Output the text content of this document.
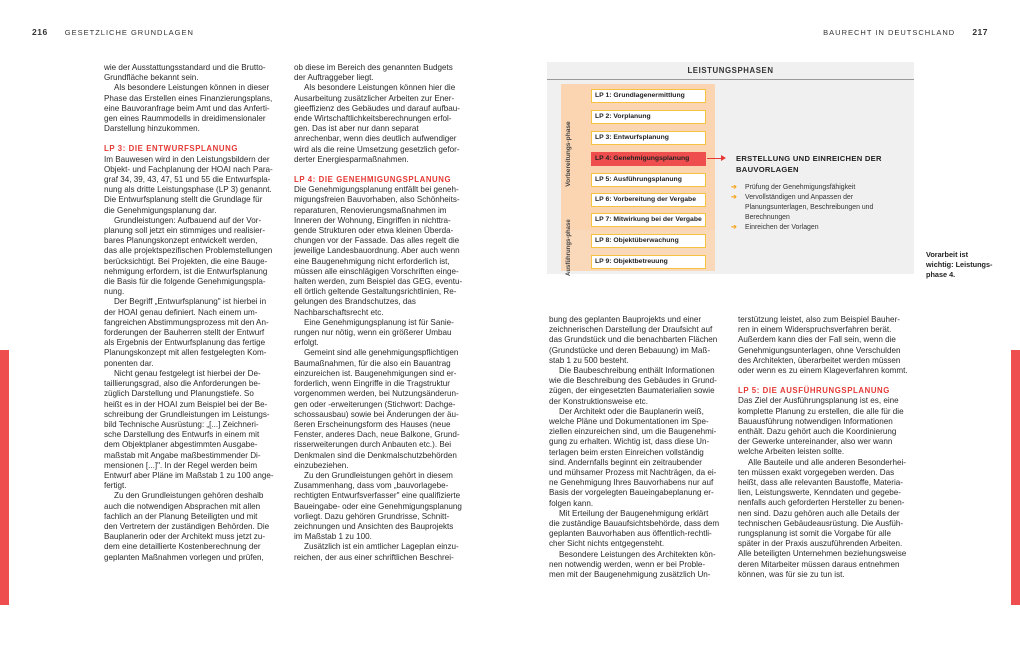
216 GESETZLICHE GRUNDLAGEN	BAURECHT IN DEUTSCHLAND 217

wie der Ausstattungsstandard und die Brutto-

Grundfläche bekannt sein.

Als besondere Leistungen können in dieser

Phase das Erstellen eines Finanzierungsplans,

eine Bauvoranfrage beim Amt und das Anferti-

gen eines Raummodells in dreidimensionaler

Darstellung hinzukommen.

LP 3: DIE ENTWURFSPLANUNG

Im Bauwesen wird in den Leistungsbildern der

Objekt- und Fachplanung der HOAI nach Para-

graf 34, 39, 43, 47, 51 und 55 die Entwurfspla-

nung als dritte Leistungsphase (LP 3) genannt.

Die Entwurfsplanung stellt die Grundlage für

die Genehmigungsplanung dar.

Grundleistungen: Aufbauend auf der Vor-

planung soll jetzt ein stimmiges und realisier-

bares Planungskonzept entwickelt werden,

das alle projektspezifischen Problemstellungen

berücksichtigt. Bei Projekten, die eine Bauge-

nehmigung erfordern, ist die Entwurfsplanung

die Basis für die folgende Genehmigungspla-

nung.

Der Begriff „Entwurfsplanung" ist hierbei in

der HOAI genau definiert. Nach einem um-

fangreichen Abstimmungsprozess mit den An-

forderungen der Bauherren stellt der Entwurf

als Ergebnis der Entwurfsplanung das fertige

Planungskonzept mit allen festgelegten Kom-

ponenten dar.

Nicht genau festgelegt ist hierbei der De-

taillierungsgrad, also die Anforderungen be-

züglich Darstellung und Planungstiefe. So

heißt es in der HOAI zum Beispiel bei der Be-

schreibung der Grundleistungen im Leistungs-

bild Technische Ausrüstung: „[...] Zeichneri-

sche Darstellung des Entwurfs in einem mit

dem Objektplaner abgestimmten Ausgabe-

maßstab mit Angabe maßbestimmender Di-

mensionen [...]". In der Regel werden beim

Entwurf aber Pläne im Maßstab 1 zu 100 ange-

fertigt.

Zu den Grundleistungen gehören deshalb

auch die notwendigen Absprachen mit allen

fachlich an der Planung Beteiligten und mit

den Vertretern der zuständigen Behörden. Die

Bauplanerin oder der Architekt muss jetzt zu-

dem eine detaillierte Kostenberechnung der

geplanten Maßnahmen vorlegen und prüfen,

ob diese im Bereich des genannten Budgets

der Auftraggeber liegt.

Als besondere Leistungen können hier die

Ausarbeitung zusätzlicher Arbeiten zur Ener-

gieeffizienz des Gebäudes und darauf aufbau-

ende Wirtschaftlichkeitsberechnungen erfol-

gen. Das ist aber nur dann separat

anrechenbar, wenn dies deutlich aufwendiger

wird als die reine Umsetzung gesetzlich gefor-

derter Energiesparmaßnahmen.

LP 4: DIE GENEHMIGUNGSPLANUNG

Die Genehmigungsplanung entfällt bei geneh-

migungsfreien Bauvorhaben, also Schönheits-

reparaturen, Renovierungsmaßnahmen im

Inneren der Wohnung, Eingriffen in nichttra-

gende Strukturen oder etwa kleinen Überda-

chungen vor der Fassade. Das alles regelt die

jeweilige Landesbauordnung. Aber auch wenn

eine Baugenehmigung nicht erforderlich ist,

müssen alle einschlägigen Vorschriften einge-

halten werden, zum Beispiel das GEG, eventu-

ell örtlich geltende Gestaltungsrichtlinien, Re-

gelungen des Brandschutzes, das

Nachbarschaftsrecht etc.

Eine Genehmigungsplanung ist für Sanie-

rungen nur nötig, wenn ein größerer Umbau

erfolgt.

Gemeint sind alle genehmigungspflichtigen

Baumaßnahmen, für die also ein Bauantrag

einzureichen ist. Baugenehmigungen sind er-

forderlich, wenn Eingriffe in die Tragstruktur

vorgenommen werden, bei Nutzungsänderun-

gen oder -erweiterungen (Stichwort: Dachge-

schossausbau) sowie bei Änderungen der äu-

ßeren Erscheinungsform des Hauses (neue

Fenster, anderes Dach, neue Balkone, Grund-

risserweiterungen durch Anbauten etc.). Bei

Denkmalen sind die Denkmalschutzbehörden

einzubeziehen.

Zu den Grundleistungen gehört in diesem

Zusammenhang, dass vom „bauvorlagebe-

rechtigten Entwurfsverfasser" eine qualifizierte

Baueingabe- oder eine Genehmigungsplanung

vorliegt. Dazu gehören Grundrisse, Schnitt-

zeichnungen und Ansichten des Bauprojekts

im Maßstab 1 zu 100.

Zusätzlich ist ein amtlicher Lageplan einzu-

reichen, der aus einer schriftlichen Beschrei-

LEISTUNGSPHASEN
Vorbereitungs-phase
Ausführungs-phase
LP 1: Grundlagenermittlung
LP 2: Vorplanung
LP 3: Entwurfsplanung
LP 4: Genehmigungsplanung
LP 5: Ausführungsplanung
LP 6: Vorbereitung der Vergabe
LP 7: Mitwirkung bei der Vergabe
LP 8: Objektüberwachung
LP 9: Objektbetreuung
ERSTELLUNG UND EINREICHEN DER BAUVORLAGEN
➔ Prüfung der Genehmigungsfähigkeit
➔ Vervollständigen und Anpassen der Planungsunterlagen, Beschreibungen und Berechnungen
➔ Einreichen der Vorlagen
Vorarbeit ist wichtig: Leistungs-phase 4.

bung des geplanten Bauprojekts und einer

zeichnerischen Darstellung der Draufsicht auf

das Grundstück und die benachbarten Flächen

(Grundstücke und deren Bebauung) im Maß-

stab 1 zu 500 besteht.

Die Baubeschreibung enthält Informationen

wie die Beschreibung des Gebäudes in Grund-

zügen, der eingesetzten Baumaterialien sowie

der Konstruktionsweise etc.

Der Architekt oder die Bauplanerin weiß,

welche Pläne und Dokumentationen im Spe-

ziellen einzureichen sind, um die Baugenehmi-

gung zu erhalten. Wichtig ist, dass diese Un-

terlagen beim ersten Einreichen vollständig

sind. Andernfalls beginnt ein zeitraubender

und mühsamer Prozess mit Nachträgen, da ei-

ne Genehmigung Ihres Bauvorhabens nur auf

Basis der vorgelegten Baueingabeplanung er-

folgen kann.

Mit Erteilung der Baugenehmigung erklärt

die zuständige Bauaufsichtsbehörde, dass dem

geplanten Bauvorhaben aus öffentlich-rechtli-

cher Sicht nichts entgegensteht.

Besondere Leistungen des Architekten kön-

nen notwendig werden, wenn er bei Proble-

men mit der Baugenehmigung zusätzlich Un-

terstützung leistet, also zum Beispiel Bauher-

ren in einem Widerspruchsverfahren berät.

Außerdem kann dies der Fall sein, wenn die

Genehmigungsunterlagen, ohne Verschulden

des Architekten, überarbeitet werden müssen

oder wenn es zu einem Klageverfahren kommt.

LP 5: DIE AUSFÜHRUNGSPLANUNG

Das Ziel der Ausführungsplanung ist es, eine

komplette Planung zu erstellen, die alle für die

Bauausführung notwendigen Informationen

enthält. Dazu gehört auch die Koordinierung

der Gewerke untereinander, also wer wann

welche Arbeiten leisten sollte.

Alle Bauteile und alle anderen Besonderhei-

ten müssen exakt vorgegeben werden. Das

heißt, dass alle relevanten Baustoffe, Materia-

lien, Leistungswerte, Kenndaten und gegebe-

nenfalls auch geforderten Hersteller zu benen-

nen sind. Dazu gehören auch alle Details der

technischen Gebäudeausrüstung. Die Ausfüh-

rungsplanung ist somit die Vorgabe für alle

später in der Praxis auszuführenden Arbeiten.

Alle beteiligten Unternehmen beziehungsweise

deren Mitarbeiter müssen daraus entnehmen

können, was für sie zu tun ist.
